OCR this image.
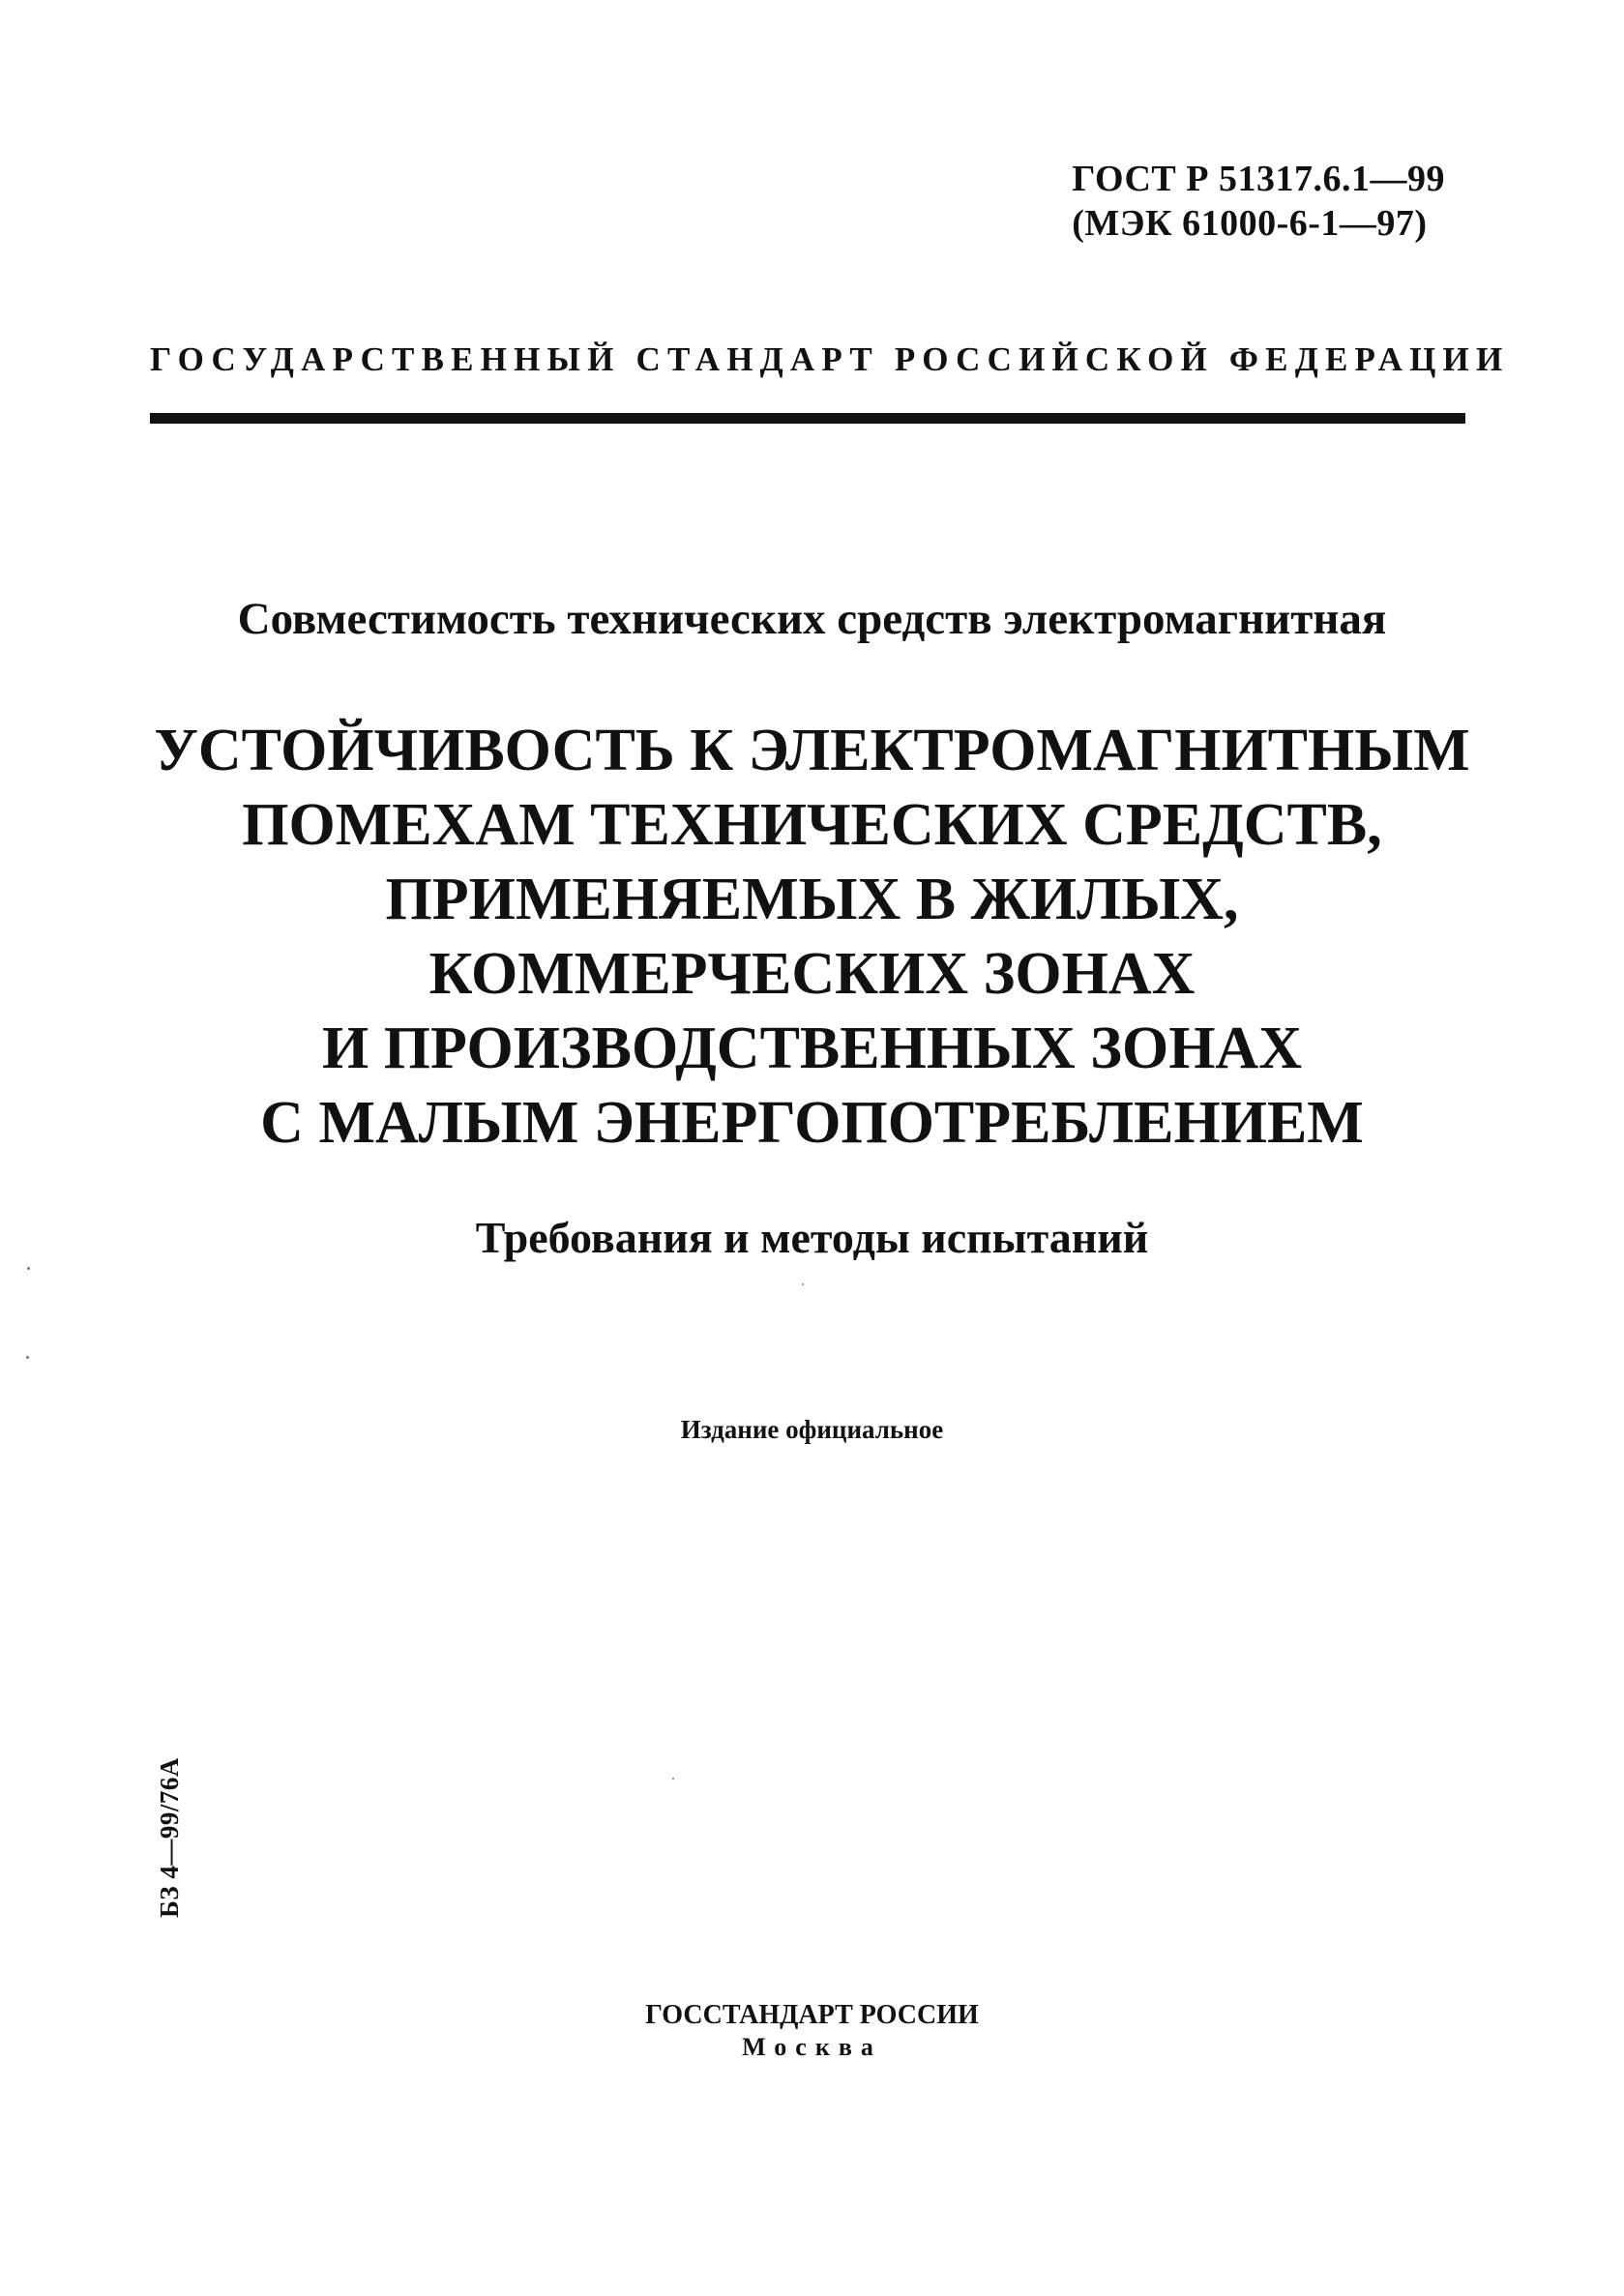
ГОСТ Р 51317.6.1—99
(МЭК 61000-6-1—97)
ГОСУДАРСТВЕННЫЙ СТАНДАРТ РОССИЙСКОЙ ФЕДЕРАЦИИ
Совместимость технических средств электромагнитная
УСТОЙЧИВОСТЬ К ЭЛЕКТРОМАГНИТНЫМ
ПОМЕХАМ ТЕХНИЧЕСКИХ СРЕДСТВ,
ПРИМЕНЯЕМЫХ В ЖИЛЫХ,
КОММЕРЧЕСКИХ ЗОНАХ
И ПРОИЗВОДСТВЕННЫХ ЗОНАХ
С МАЛЫМ ЭНЕРГОПОТРЕБЛЕНИЕМ
Требования и методы испытаний
Издание официальное
БЗ 4—99/76А
ГОССТАНДАРТ РОССИИ
Москва
